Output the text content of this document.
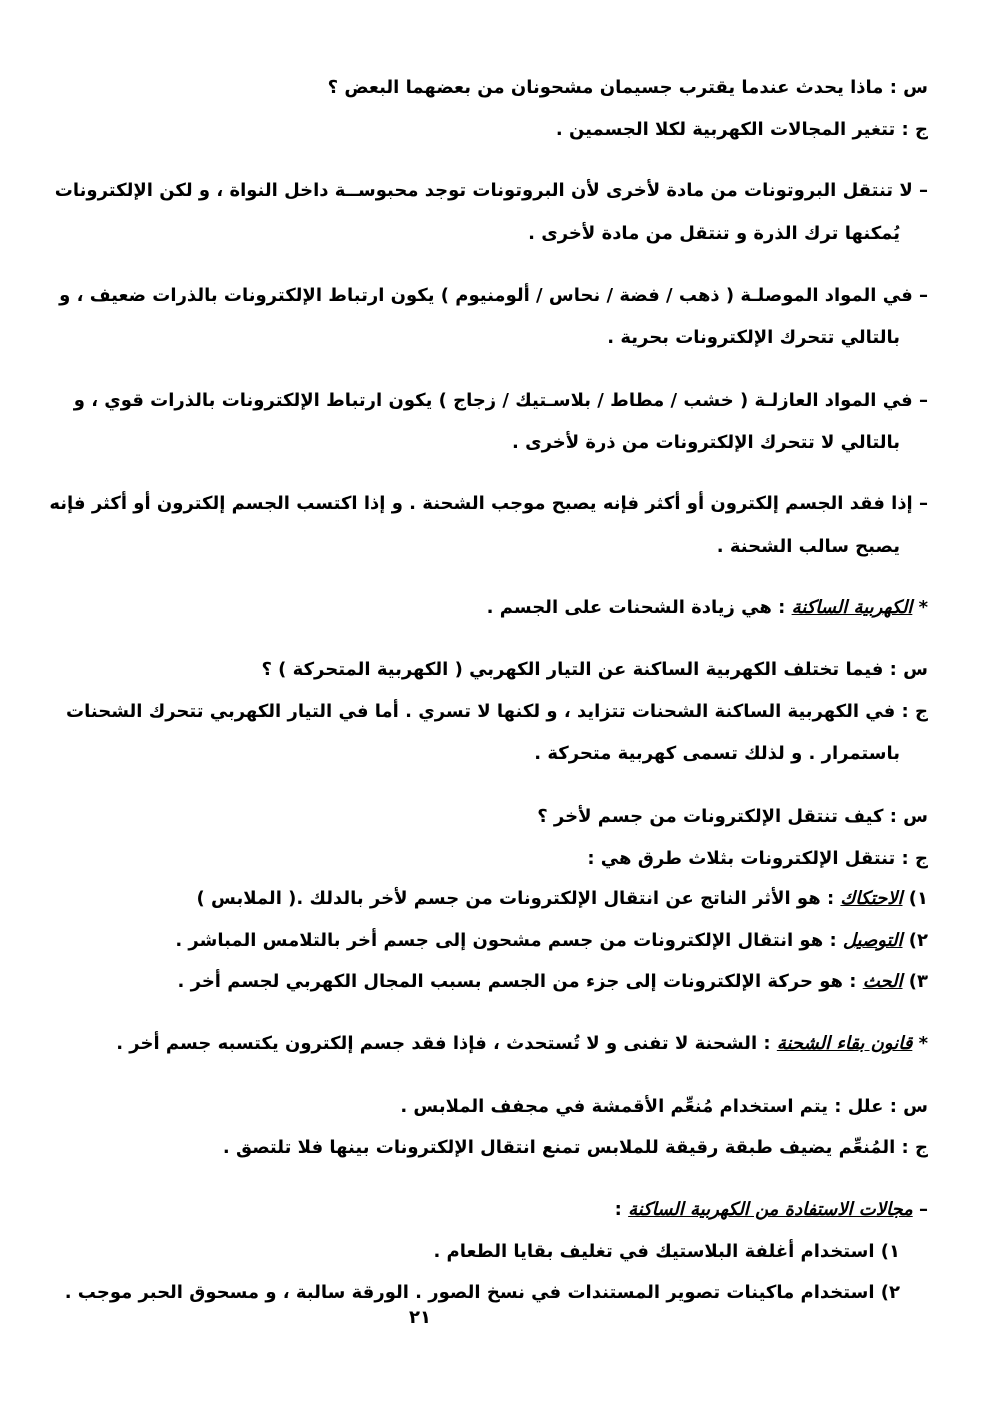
س : ماذا يحدث عندما يقترب جسيمان مشحونان من بعضهما البعض ؟

ج : تتغير المجالات الكهربية لكلا الجسمين .

– لا تنتقل البروتونات من مادة لأخرى لأن البروتونات توجد محبوســة داخل النواة ، و لكن الإلكترونات

يُمكنها ترك الذرة و تنتقل من مادة لأخرى .

– في المواد الموصلـة ( ذهب / فضة / نحاس / ألومنيوم ) يكون ارتباط الإلكترونات بالذرات ضعيف ، و

بالتالي تتحرك الإلكترونات بحرية .

– في المواد العازلـة ( خشب / مطاط / بلاسـتيك / زجاج ) يكون ارتباط الإلكترونات بالذرات قوي ، و

بالتالي لا تتحرك الإلكترونات من ذرة لأخرى .

– إذا فقد الجسم إلكترون أو أكثر فإنه يصبح موجب الشحنة . و إذا اكتسب الجسم إلكترون أو أكثر فإنه

يصبح سالب الشحنة .

* الكهربية الساكنة : هي زيادة الشحنات على الجسم .

س : فيما تختلف الكهربية الساكنة عن التيار الكهربي ( الكهربية المتحركة ) ؟

ج : في الكهربية الساكنة الشحنات تتزايد ، و لكنها لا تسري . أما في التيار الكهربي تتحرك الشحنات

باستمرار . و لذلك تسمى كهربية متحركة .

س : كيف تنتقل الإلكترونات من جسم لأخر ؟

ج : تنتقل الإلكترونات بثلاث طرق هي :

١) الاحتكاك : هو الأثر الناتج عن انتقال الإلكترونات من جسم لأخر بالدلك .( الملابس )

٢) التوصيل : هو انتقال الإلكترونات من جسم مشحون إلى جسم أخر بالتلامس المباشر .

٣) الحث : هو حركة الإلكترونات إلى جزء من الجسم بسبب المجال الكهربي لجسم أخر .

* قانون بقاء الشحنة : الشحنة لا تفنى و لا تُستحدث ، فإذا فقد جسم إلكترون يكتسبه جسم أخر .

س : علل : يتم استخدام مُنعِّم الأقمشة في مجفف الملابس .

ج : المُنعِّم يضيف طبقة رقيقة للملابس تمنع انتقال الإلكترونات بينها فلا تلتصق .

– مجالات الاستفادة من الكهربية الساكنة :

١) استخدام أغلفة البلاستيك في تغليف بقايا الطعام .

٢) استخدام ماكينات تصوير المستندات في نسخ الصور . الورقة سالبة ، و مسحوق الحبر موجب .

٢١
